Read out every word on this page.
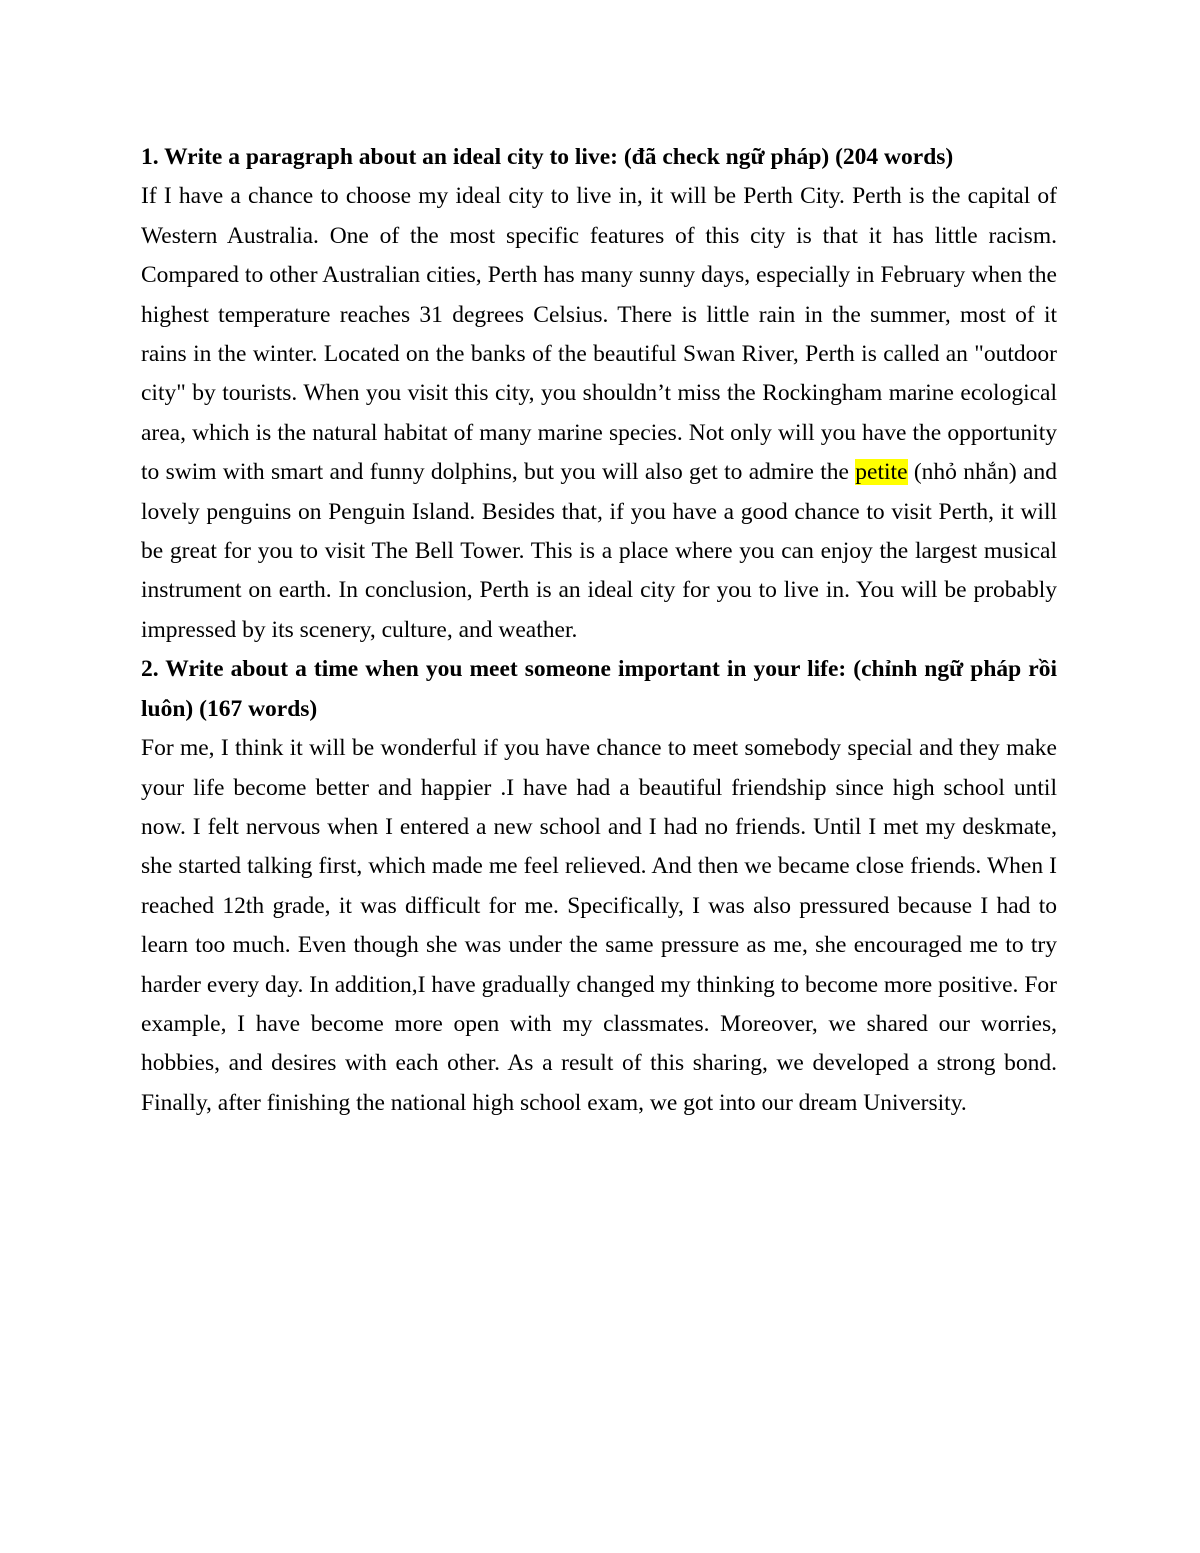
1. Write a paragraph about an ideal city to live: (đã check ngữ pháp) (204 words)

If I have a chance to choose my ideal city to live in, it will be Perth City. Perth is the capital of Western Australia. One of the most specific features of this city is that it has little racism. Compared to other Australian cities, Perth has many sunny days, especially in February when the highest temperature reaches 31 degrees Celsius. There is little rain in the summer, most of it rains in the winter. Located on the banks of the beautiful Swan River, Perth is called an "outdoor city" by tourists. When you visit this city, you shouldn’t miss the Rockingham marine ecological area, which is the natural habitat of many marine species. Not only will you have the opportunity to swim with smart and funny dolphins, but you will also get to admire the petite (nhỏ nhắn) and lovely penguins on Penguin Island. Besides that, if you have a good chance to visit Perth, it will be great for you to visit The Bell Tower. This is a place where you can enjoy the largest musical instrument on earth. In conclusion, Perth is an ideal city for you to live in. You will be probably impressed by its scenery, culture, and weather.

2. Write about a time when you meet someone important in your life: (chỉnh ngữ pháp rồi luôn) (167 words)

For me, I think it will be wonderful if you have chance to meet somebody special and they make your life become better and happier .I have had a beautiful friendship since high school until now. I felt nervous when I entered a new school and I had no friends. Until I met my deskmate, she started talking first, which made me feel relieved. And then we became close friends. When I reached 12th grade, it was difficult for me. Specifically, I was also pressured because I had to learn too much. Even though she was under the same pressure as me, she encouraged me to try harder every day. In addition,I have gradually changed my thinking to become more positive. For example, I have become more open with my classmates. Moreover, we shared our worries, hobbies, and desires with each other. As a result of this sharing, we developed a strong bond. Finally, after finishing the national high school exam, we got into our dream University.
